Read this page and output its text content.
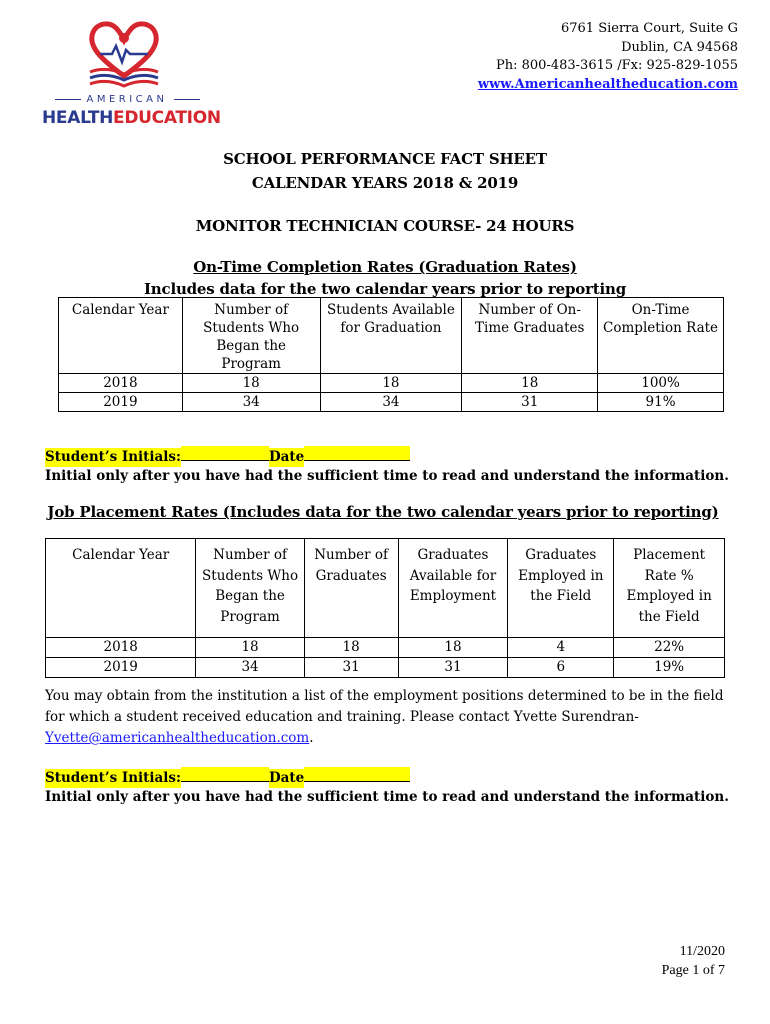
AMERICAN
HEALTHEDUCATION
6761 Sierra Court, Suite G
Dublin, CA 94568
Ph: 800-483-3615 /Fx: 925-829-1055
www.Americanhealtheducation.com
SCHOOL PERFORMANCE FACT SHEET
CALENDAR YEARS 2018 & 2019
MONITOR TECHNICIAN COURSE- 24 HOURS
On-Time Completion Rates (Graduation Rates)
Includes data for the two calendar years prior to reporting
Calendar Year	Number of Students Who Began the Program	Students Available for Graduation	Number of On-Time Graduates	On-Time Completion Rate
2018	18	18	18	100%
2019	34	34	31	91%
Student’s Initials:	Date
Initial only after you have had the sufficient time to read and understand the information.
Job Placement Rates (Includes data for the two calendar years prior to reporting)
Calendar Year	Number of Students Who Began the Program	Number of Graduates	Graduates Available for Employment	Graduates Employed in the Field	Placement Rate % Employed in the Field
2018	18	18	18	4	22%
2019	34	31	31	6	19%
You may obtain from the institution a list of the employment positions determined to be in the field for which a student received education and training. Please contact Yvette Surendran-Yvette@americanhealtheducation.com.
Student’s Initials:	Date
Initial only after you have had the sufficient time to read and understand the information.
11/2020
Page 1 of 7
